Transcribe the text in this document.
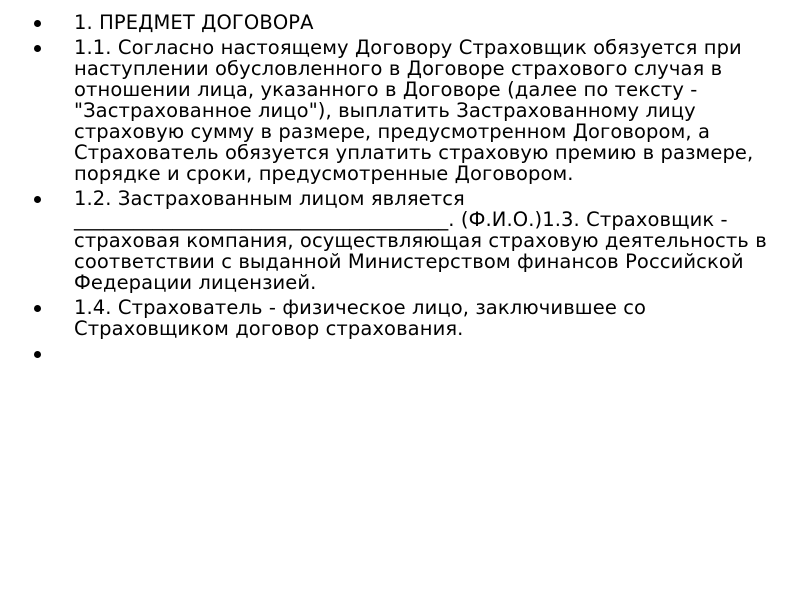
1. ПРЕДМЕТ ДОГОВОРА
1.1. Согласно настоящему Договору Страховщик обязуется при наступлении обусловленного в Договоре страхового случая в отношении лица, указанного в Договоре (далее по тексту - "Застрахованное лицо"), выплатить Застрахованному лицу страховую сумму в размере, предусмотренном Договором, а Страхователь обязуется уплатить страховую премию в размере, порядке и сроки, предусмотренные Договором.
1.2. Застрахованным лицом является ______________________________________. (Ф.И.О.)1.3. Страховщик - страховая компания, осуществляющая страховую деятельность в соответствии с выданной Министерством финансов Российской Федерации лицензией.
1.4. Страхователь - физическое лицо, заключившее со Страховщиком договор страхования.
